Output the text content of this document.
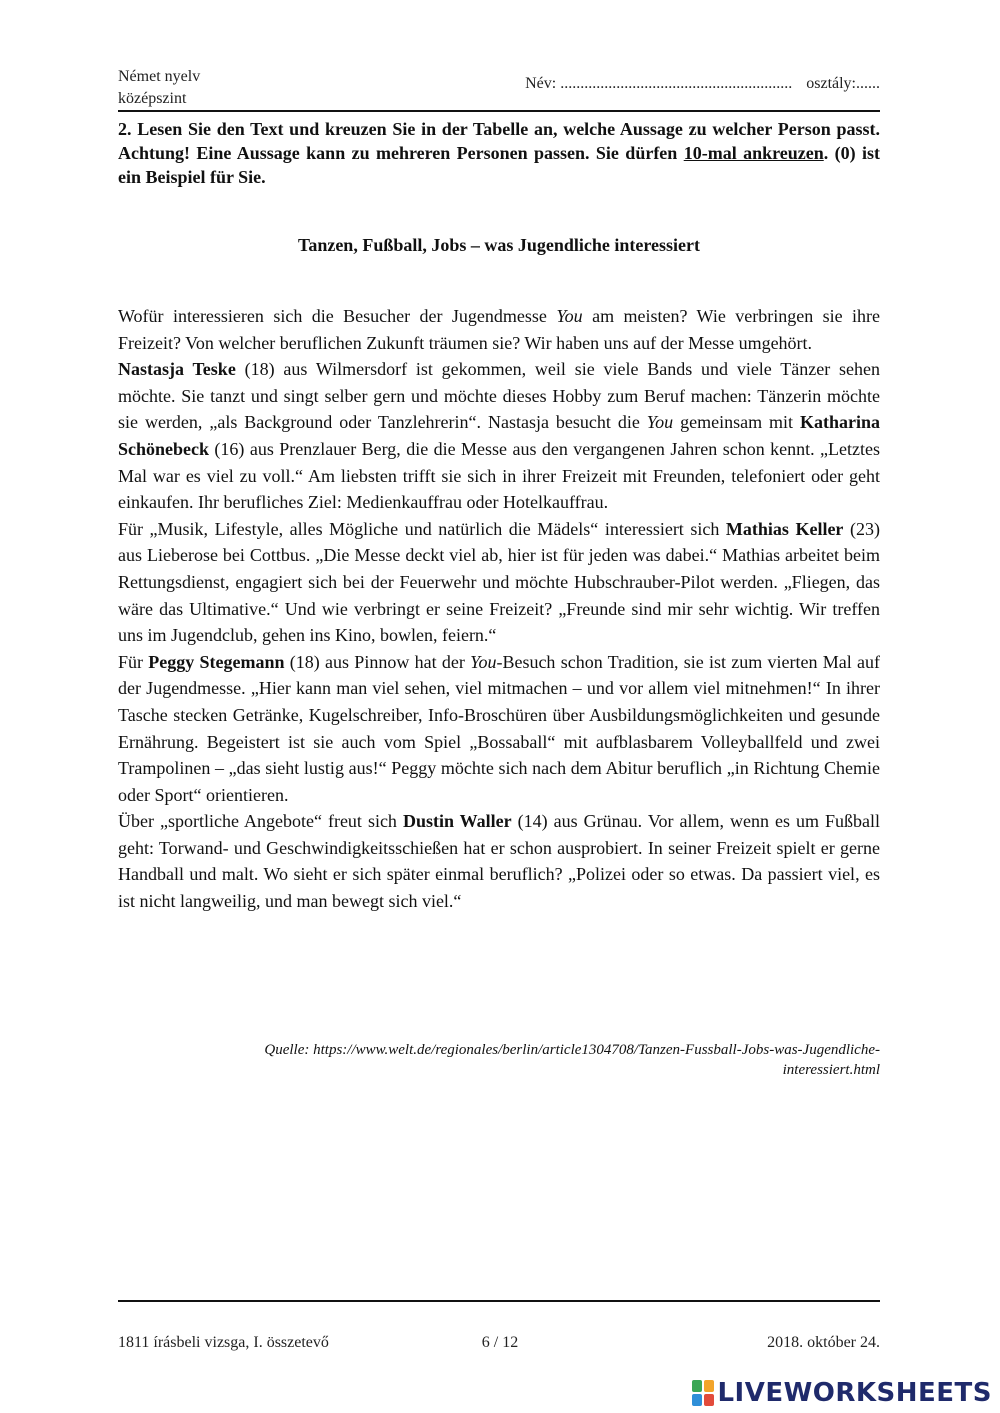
Német nyelv
középszint
Név: .......................................................... osztály:......
2. Lesen Sie den Text und kreuzen Sie in der Tabelle an, welche Aussage zu welcher Person passt. Achtung! Eine Aussage kann zu mehreren Personen passen. Sie dürfen 10-mal ankreuzen. (0) ist ein Beispiel für Sie.
Tanzen, Fußball, Jobs – was Jugendliche interessiert

Wofür interessieren sich die Besucher der Jugendmesse You am meisten? Wie verbringen sie ihre Freizeit? Von welcher beruflichen Zukunft träumen sie? Wir haben uns auf der Messe umgehört.

Nastasja Teske (18) aus Wilmersdorf ist gekommen, weil sie viele Bands und viele Tänzer sehen möchte. Sie tanzt und singt selber gern und möchte dieses Hobby zum Beruf machen: Tänzerin möchte sie werden, „als Background oder Tanzlehrerin“. Nastasja besucht die You gemeinsam mit Katharina Schönebeck (16) aus Prenzlauer Berg, die die Messe aus den vergangenen Jahren schon kennt. „Letztes Mal war es viel zu voll.“ Am liebsten trifft sie sich in ihrer Freizeit mit Freunden, telefoniert oder geht einkaufen. Ihr berufliches Ziel: Medienkauffrau oder Hotelkauffrau.

Für „Musik, Lifestyle, alles Mögliche und natürlich die Mädels“ interessiert sich Mathias Keller (23) aus Lieberose bei Cottbus. „Die Messe deckt viel ab, hier ist für jeden was dabei.“ Mathias arbeitet beim Rettungsdienst, engagiert sich bei der Feuerwehr und möchte Hubschrauber-Pilot werden. „Fliegen, das wäre das Ultimative.“ Und wie verbringt er seine Freizeit? „Freunde sind mir sehr wichtig. Wir treffen uns im Jugendclub, gehen ins Kino, bowlen, feiern.“

Für Peggy Stegemann (18) aus Pinnow hat der You-Besuch schon Tradition, sie ist zum vierten Mal auf der Jugendmesse. „Hier kann man viel sehen, viel mitmachen – und vor allem viel mitnehmen!“ In ihrer Tasche stecken Getränke, Kugelschreiber, Info-Broschüren über Ausbildungsmöglichkeiten und gesunde Ernährung. Begeistert ist sie auch vom Spiel „Bossaball“ mit aufblasbarem Volleyballfeld und zwei Trampolinen – „das sieht lustig aus!“ Peggy möchte sich nach dem Abitur beruflich „in Richtung Chemie oder Sport“ orientieren.

Über „sportliche Angebote“ freut sich Dustin Waller (14) aus Grünau. Vor allem, wenn es um Fußball geht: Torwand- und Geschwindigkeitsschießen hat er schon ausprobiert. In seiner Freizeit spielt er gerne Handball und malt. Wo sieht er sich später einmal beruflich? „Polizei oder so etwas. Da passiert viel, es ist nicht langweilig, und man bewegt sich viel.“

Quelle: https://www.welt.de/regionales/berlin/article1304708/Tanzen-Fussball-Jobs-was-Jugendliche-
interessiert.html
1811 írásbeli vizsga, I. összetevő	6 / 12	2018. október 24.
LIVEWORKSHEETS
